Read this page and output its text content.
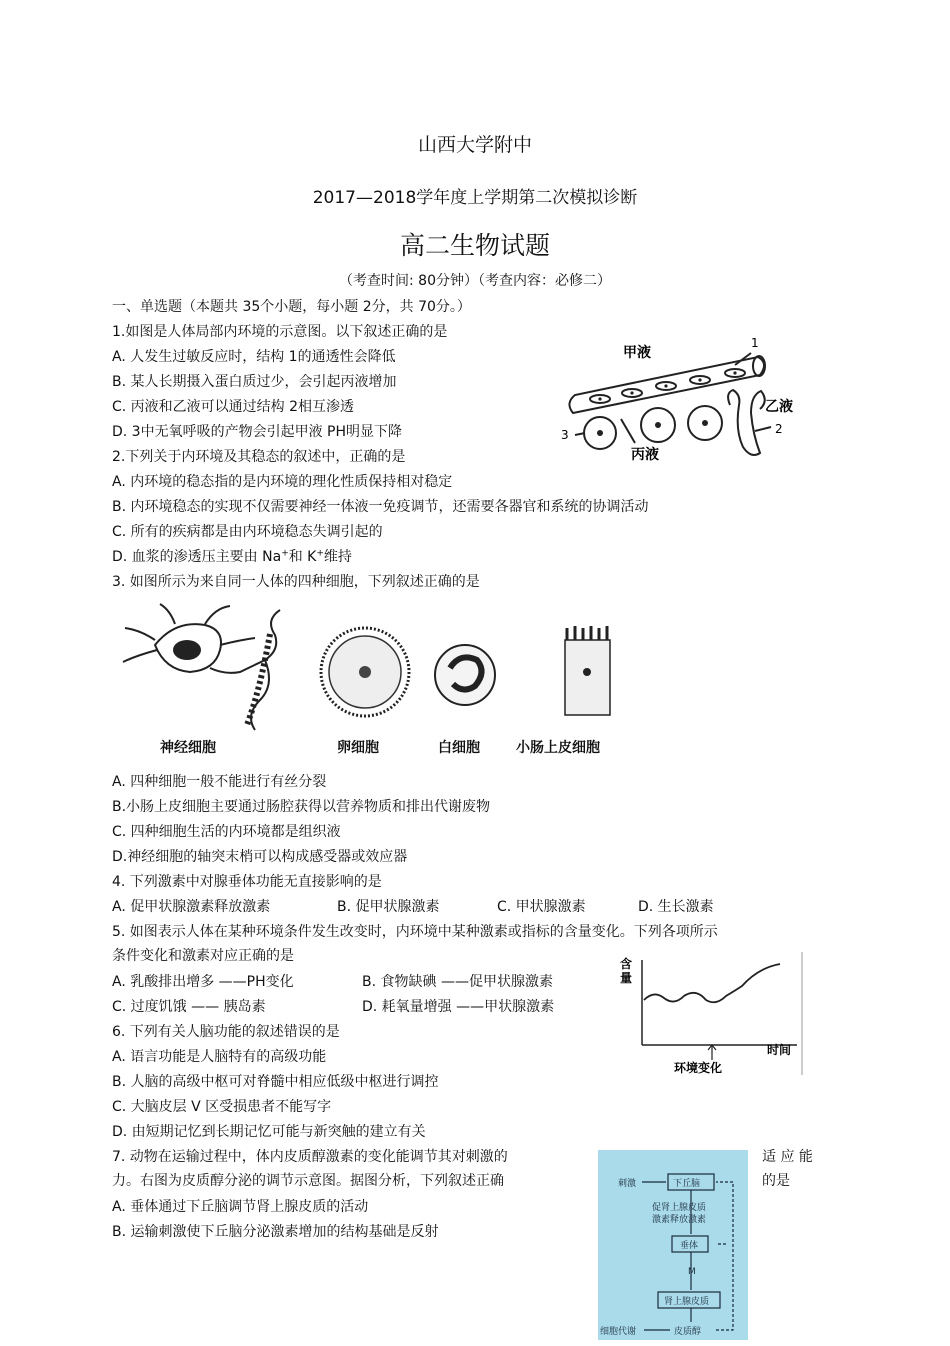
山西大学附中
2017—2018学年度上学期第二次模拟诊断
高二生物试题
（考查时间: 80分钟）（考查内容：必修二）
一、单选题（本题共 35个小题，每小题 2分，共 70分。）
1.如图是人体局部内环境的示意图。以下叙述正确的是
A. 人发生过敏反应时，结构 1的通透性会降低
B. 某人长期摄入蛋白质过少，会引起丙液增加
C. 丙液和乙液可以通过结构 2相互渗透
D. 3中无氧呼吸的产物会引起甲液 PH明显下降
甲液
1
乙液
2
3
丙液
2.下列关于内环境及其稳态的叙述中，正确的是
A. 内环境的稳态指的是内环境的理化性质保持相对稳定
B. 内环境稳态的实现不仅需要神经一体液一免疫调节，还需要各器官和系统的协调活动
C. 所有的疾病都是由内环境稳态失调引起的
D. 血浆的渗透压主要由 Na+和 K+维持
3. 如图所示为来自同一人体的四种细胞，下列叙述正确的是
神经细胞	卵细胞	白细胞	小肠上皮细胞
A. 四种细胞一般不能进行有丝分裂
B.小肠上皮细胞主要通过肠腔获得以营养物质和排出代谢废物
C. 四种细胞生活的内环境都是组织液
D.神经细胞的轴突末梢可以构成感受器或效应器
4. 下列激素中对腺垂体功能无直接影响的是
A. 促甲状腺激素释放激素	B. 促甲状腺激素	C. 甲状腺激素	D. 生长激素
5. 如图表示人体在某种环境条件发生改变时，内环境中某种激素或指标的含量变化。下列各项所示
条件变化和激素对应正确的是
A. 乳酸排出增多 ——PH变化	B. 食物缺碘 ——促甲状腺激素
C. 过度饥饿 —— 胰岛素	D. 耗氧量增强 ——甲状腺激素
含
量
时间
环境变化
6. 下列有关人脑功能的叙述错误的是
A. 语言功能是人脑特有的高级功能
B. 人脑的高级中枢可对脊髓中相应低级中枢进行调控
C. 大脑皮层 V 区受损患者不能写字
D. 由短期记忆到长期记忆可能与新突触的建立有关
7. 动物在运输过程中，体内皮质醇激素的变化能调节其对刺激的	适 应 能
力。右图为皮质醇分泌的调节示意图。据图分析，下列叙述正确	的是
A. 垂体通过下丘脑调节肾上腺皮质的活动
B. 运输刺激使下丘脑分泌激素增加的结构基础是反射
刺激
促肾上腺皮质
激素释放激素
M
细胞代谢
下丘脑
垂体
肾上腺皮质
皮质醇
